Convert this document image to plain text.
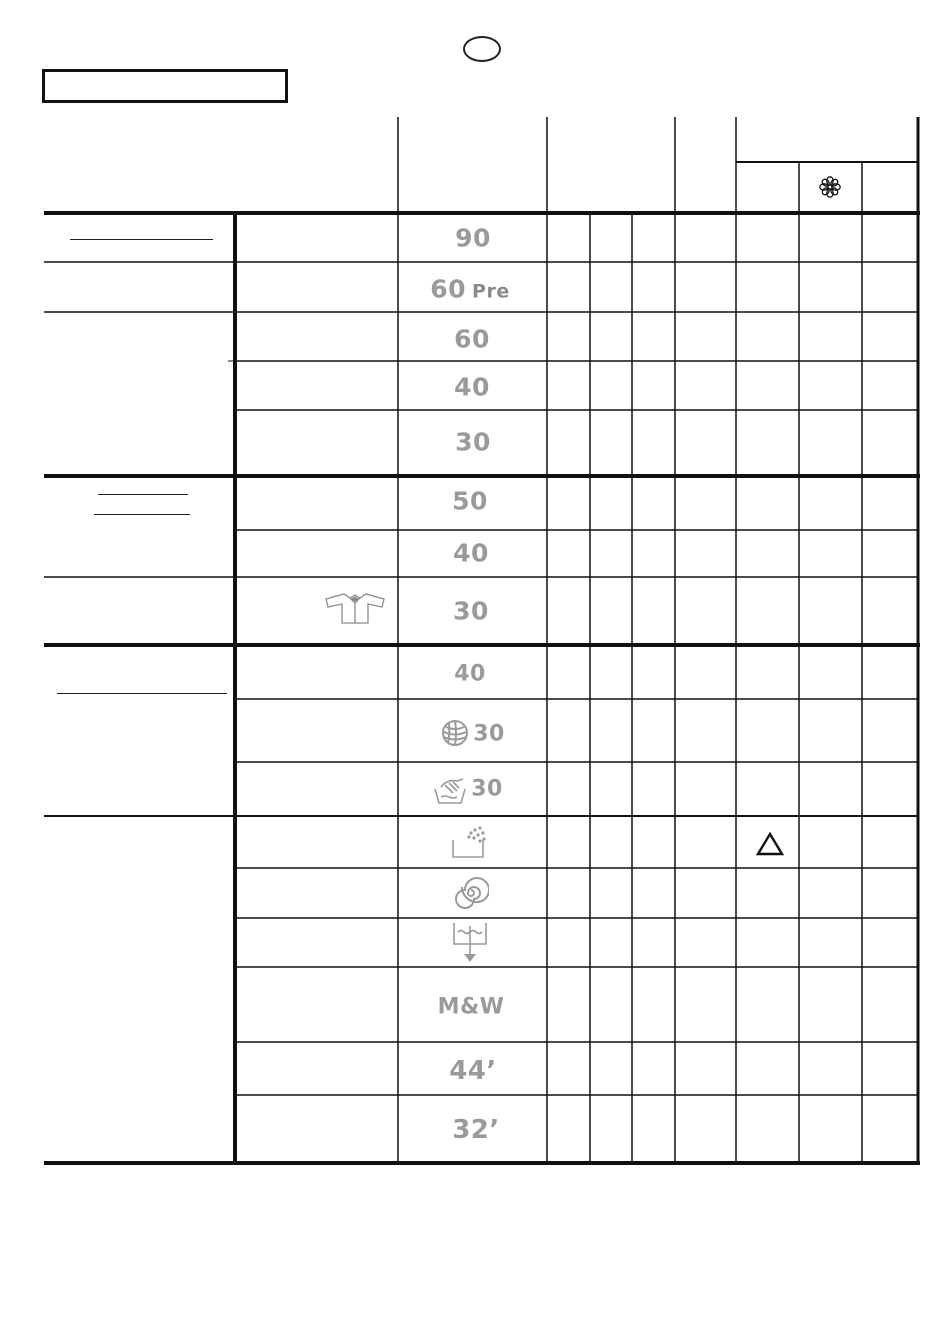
90
60 Pre
60
40
30
50
40
30
40
30
30
M&W
44’
32’
